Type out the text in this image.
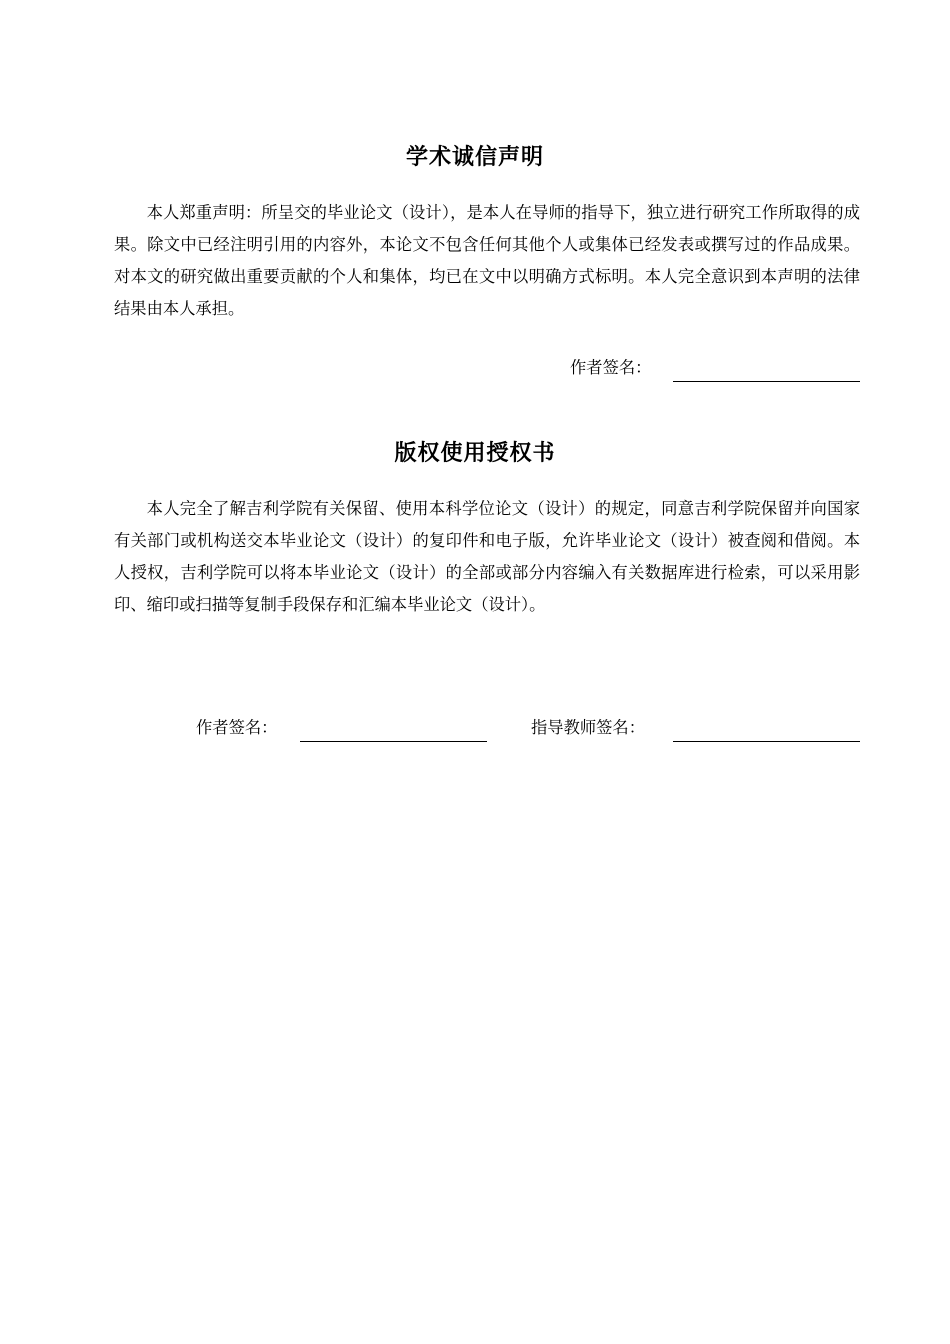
学术诚信声明

本人郑重声明：所呈交的毕业论文（设计），是本人在导师的指导下，独立进行研究工作所取得的成果。除文中已经注明引用的内容外，本论文不包含任何其他个人或集体已经发表或撰写过的作品成果。对本文的研究做出重要贡献的个人和集体，均已在文中以明确方式标明。本人完全意识到本声明的法律结果由本人承担。

作者签名：
版权使用授权书

本人完全了解吉利学院有关保留、使用本科学位论文（设计）的规定，同意吉利学院保留并向国家有关部门或机构送交本毕业论文（设计）的复印件和电子版，允许毕业论文（设计）被查阅和借阅。本人授权，吉利学院可以将本毕业论文（设计）的全部或部分内容编入有关数据库进行检索，可以采用影印、缩印或扫描等复制手段保存和汇编本毕业论文（设计）。

作者签名：	指导教师签名：
